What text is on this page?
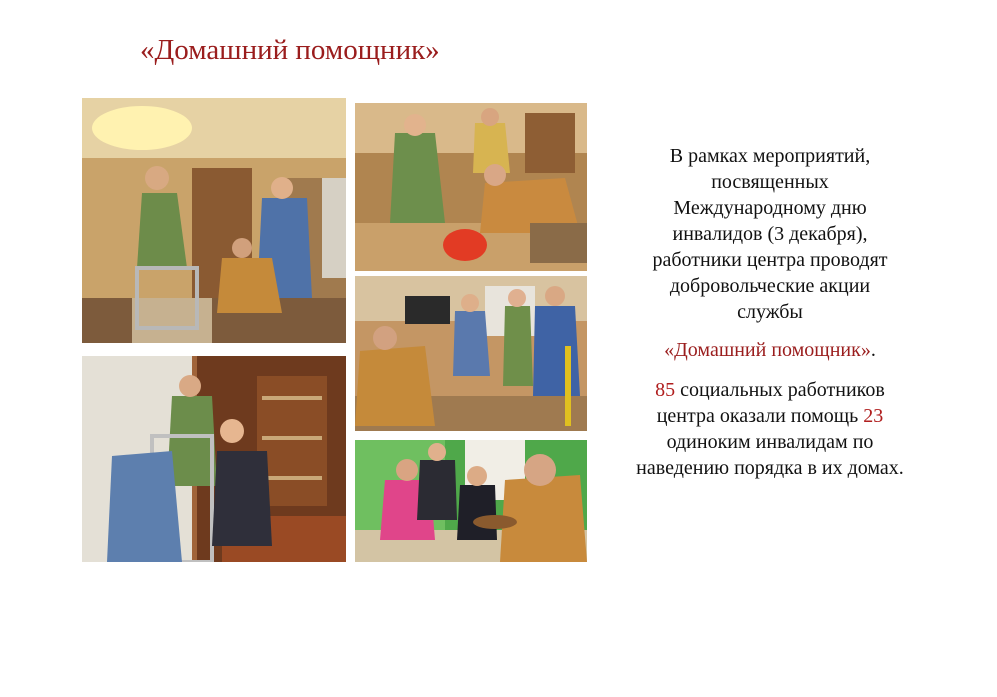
«Домашний помощник»

В рамках мероприятий,
посвященных
Международному дню
инвалидов (3 декабря),
работники центра проводят
добровольческие акции
службы

«Домашний помощник».

85 социальных работников
центра оказали помощь 23
одиноким инвалидам по
наведению порядка в их домах.
